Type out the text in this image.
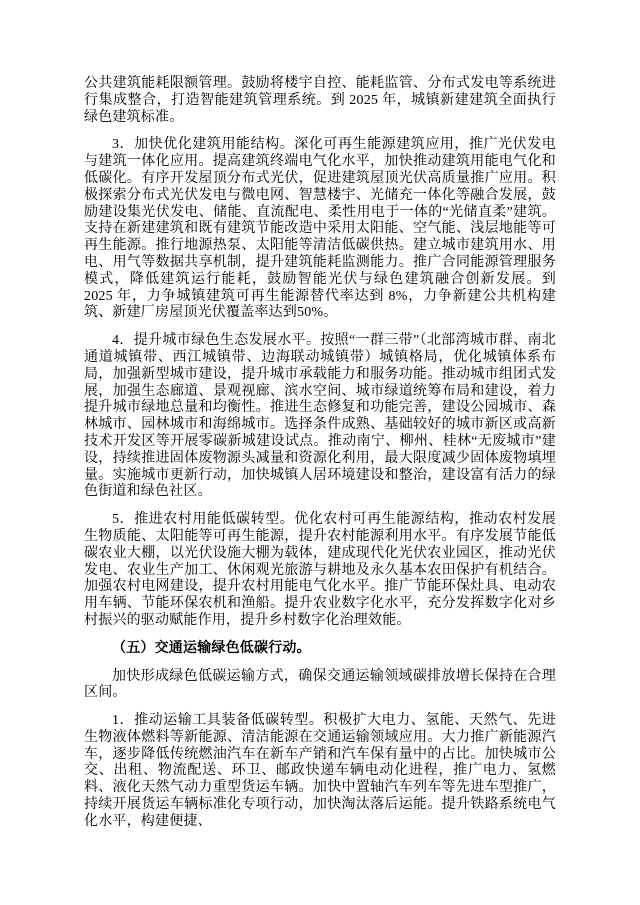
公共建筑能耗限额管理。鼓励将楼宇自控、能耗监管、分布式发电等系统进行集成整合，打造智能建筑管理系统。到 2025 年，城镇新建建筑全面执行绿色建筑标准。

3．加快优化建筑用能结构。深化可再生能源建筑应用，推广光伏发电与建筑一体化应用。提高建筑终端电气化水平，加快推动建筑用能电气化和低碳化。有序开发屋顶分布式光伏，促进建筑屋顶光伏高质量推广应用。积极探索分布式光伏发电与微电网、智慧楼宇、光储充一体化等融合发展，鼓励建设集光伏发电、储能、直流配电、柔性用电于一体的“光储直柔”建筑。支持在新建建筑和既有建筑节能改造中采用太阳能、空气能、浅层地能等可再生能源。推行地源热泵、太阳能等清洁低碳供热。建立城市建筑用水、用电、用气等数据共享机制，提升建筑能耗监测能力。推广合同能源管理服务模式，降低建筑运行能耗，鼓励智能光伏与绿色建筑融合创新发展。到 2025 年，力争城镇建筑可再生能源替代率达到 8%，力争新建公共机构建筑、新建厂房屋顶光伏覆盖率达到50%。

4．提升城市绿色生态发展水平。按照“一群三带”（北部湾城市群、南北通道城镇带、西江城镇带、边海联动城镇带）城镇格局，优化城镇体系布局，加强新型城市建设，提升城市承载能力和服务功能。推动城市组团式发展，加强生态廊道、景观视廊、滨水空间、城市绿道统筹布局和建设，着力提升城市绿地总量和均衡性。推进生态修复和功能完善，建设公园城市、森林城市、园林城市和海绵城市。选择条件成熟、基础较好的城市新区或高新技术开发区等开展零碳新城建设试点。推动南宁、柳州、桂林“无废城市”建设，持续推进固体废物源头减量和资源化利用，最大限度减少固体废物填埋量。实施城市更新行动，加快城镇人居环境建设和整治，建设富有活力的绿色街道和绿色社区。

5．推进农村用能低碳转型。优化农村可再生能源结构，推动农村发展生物质能、太阳能等可再生能源，提升农村能源利用水平。有序发展节能低碳农业大棚，以光伏设施大棚为载体，建成现代化光伏农业园区，推动光伏发电、农业生产加工、休闲观光旅游与耕地及永久基本农田保护有机结合。加强农村电网建设，提升农村用能电气化水平。推广节能环保灶具、电动农用车辆、节能环保农机和渔船。提升农业数字化水平，充分发挥数字化对乡村振兴的驱动赋能作用，提升乡村数字化治理效能。

（五）交通运输绿色低碳行动。

加快形成绿色低碳运输方式，确保交通运输领域碳排放增长保持在合理区间。

1．推动运输工具装备低碳转型。积极扩大电力、氢能、天然气、先进生物液体燃料等新能源、清洁能源在交通运输领域应用。大力推广新能源汽车，逐步降低传统燃油汽车在新车产销和汽车保有量中的占比。加快城市公交、出租、物流配送、环卫、邮政快递车辆电动化进程，推广电力、氢燃料、液化天然气动力重型货运车辆。加快中置轴汽车列车等先进车型推广，持续开展货运车辆标准化专项行动，加快淘汰落后运能。提升铁路系统电气化水平，构建便捷、
